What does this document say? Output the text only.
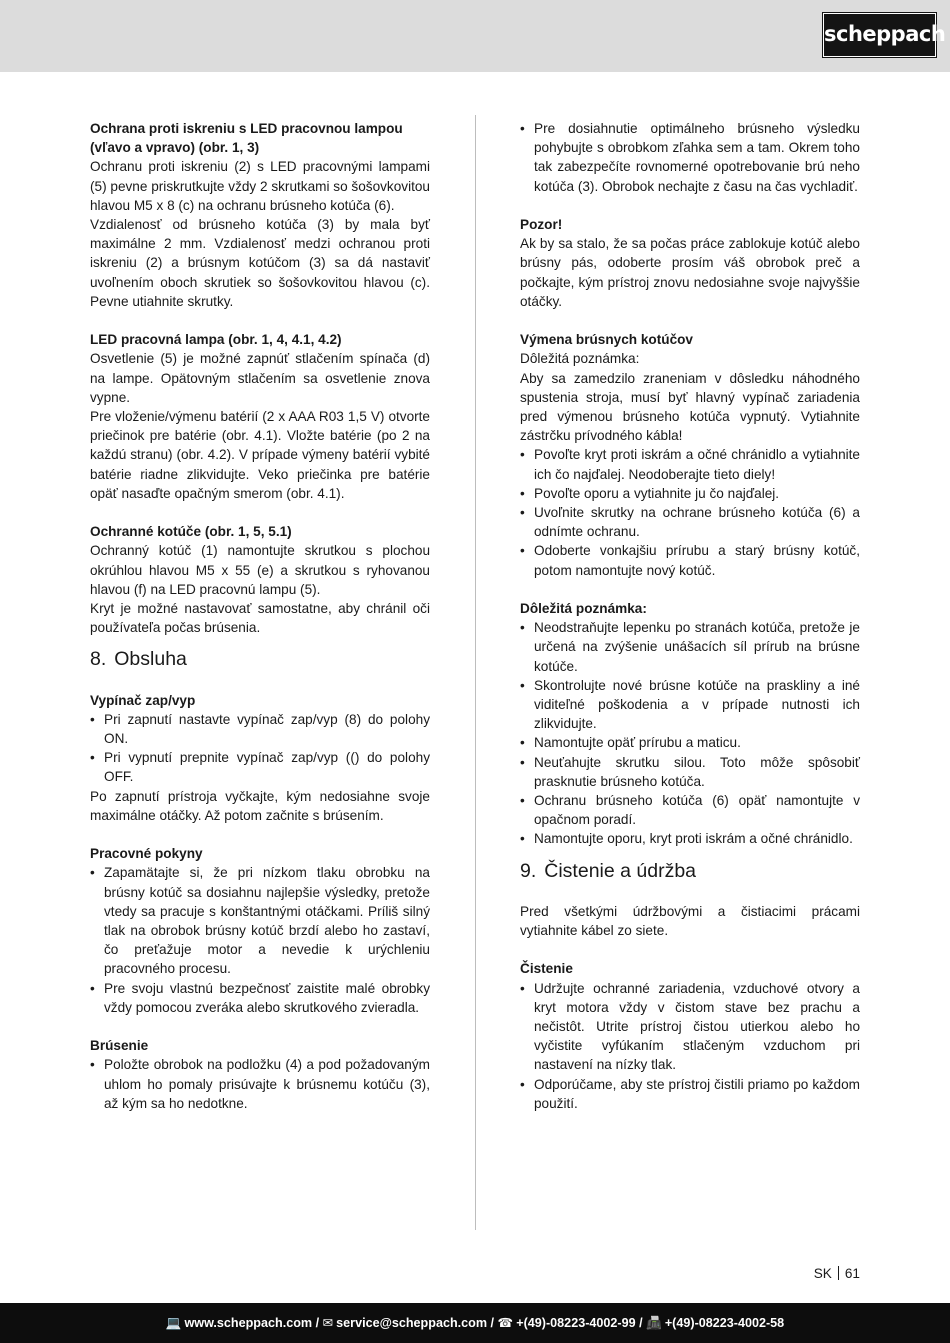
scheppach

Ochrana proti iskreniu s LED pracovnou lampou (vľavo a vpravo) (obr. 1, 3)

Ochranu proti iskreniu (2) s LED pracovnými lampami (5) pevne priskrutkujte vždy 2 skrutkami so šošovkovitou hlavou M5 x 8 (c) na ochranu brúsneho kotúča (6).

Vzdialenosť od brúsneho kotúča (3) by mala byť maximálne 2 mm. Vzdialenosť medzi ochranou proti iskreniu (2) a brúsnym kotúčom (3) sa dá nastaviť uvoľnením oboch skrutiek so šošovkovitou hlavou (c). Pevne utiahnite skrutky.

LED pracovná lampa (obr. 1, 4, 4.1, 4.2)

Osvetlenie (5) je možné zapnúť stlačením spínača (d) na lampe. Opätovným stlačením sa osvetlenie znova vypne.

Pre vloženie/výmenu batérií (2 x AAA R03 1,5 V) otvorte priečinok pre batérie (obr. 4.1). Vložte batérie (po 2 na každú stranu) (obr. 4.2). V prípade výmeny batérií vybité batérie riadne zlikvidujte. Veko priečinka pre batérie opäť nasaďte opačným smerom (obr. 4.1).

Ochranné kotúče (obr. 1, 5, 5.1)

Ochranný kotúč (1) namontujte skrutkou s plochou okrúhlou hlavou M5 x 55 (e) a skrutkou s ryhovanou hlavou (f) na LED pracovnú lampu (5).

Kryt je možné nastavovať samostatne, aby chránil oči používateľa počas brúsenia.

8. Obsluha

Vypínač zap/vyp

• Pri zapnutí nastavte vypínač zap/vyp (8) do polohy ON.
• Pri vypnutí prepnite vypínač zap/vyp (() do polohy OFF.

Po zapnutí prístroja vyčkajte, kým nedosiahne svoje maximálne otáčky. Až potom začnite s brúsením.

Pracovné pokyny

• Zapamätajte si, že pri nízkom tlaku obrobku na brúsny kotúč sa dosiahnu najlepšie výsledky, pretože vtedy sa pracuje s konštantnými otáčkami. Príliš silný tlak na obrobok brúsny kotúč brzdí alebo ho zastaví, čo preťažuje motor a nevedie k urýchleniu pracovného procesu.
• Pre svoju vlastnú bezpečnosť zaistite malé obrobky vždy pomocou zveráka alebo skrutkového zvieradla.

Brúsenie

• Položte obrobok na podložku (4) a pod požadovaným uhlom ho pomaly prisúvajte k brúsnemu kotúču (3), až kým sa ho nedotkne.
• Pre dosiahnutie optimálneho brúsneho výsledku pohybujte s obrobkom zľahka sem a tam. Okrem toho tak zabezpečíte rovnomerné opotrebovanie brú neho kotúča (3). Obrobok nechajte z času na čas vychladiť.

Pozor!

Ak by sa stalo, že sa počas práce zablokuje kotúč alebo brúsny pás, odoberte prosím váš obrobok preč a počkajte, kým prístroj znovu nedosiahne svoje najvyššie otáčky.

Výmena brúsnych kotúčov

Dôležitá poznámka:

Aby sa zamedzilo zraneniam v dôsledku náhodného spustenia stroja, musí byť hlavný vypínač zariadenia pred výmenou brúsneho kotúča vypnutý. Vytiahnite zástrčku prívodného kábla!

• Povoľte kryt proti iskrám a očné chránidlo a vytiahnite ich čo najďalej. Neodoberajte tieto diely!
• Povoľte oporu a vytiahnite ju čo najďalej.
• Uvoľnite skrutky na ochrane brúsneho kotúča (6) a odnímte ochranu.
• Odoberte vonkajšiu prírubu a starý brúsny kotúč, potom namontujte nový kotúč.

Dôležitá poznámka:

• Neodstraňujte lepenku po stranách kotúča, pretože je určená na zvýšenie unášacích síl prírub na brúsne kotúče.
• Skontrolujte nové brúsne kotúče na praskliny a iné viditeľné poškodenia a v prípade nutnosti ich zlikvidujte.
• Namontujte opäť prírubu a maticu.
• Neuťahujte skrutku silou. Toto môže spôsobiť prasknutie brúsneho kotúča.
• Ochranu brúsneho kotúča (6) opäť namontujte v opačnom poradí.
• Namontujte oporu, kryt proti iskrám a očné chránidlo.

9. Čistenie a údržba

Pred všetkými údržbovými a čistiacimi prácami vytiahnite kábel zo siete.

Čistenie

• Udržujte ochranné zariadenia, vzduchové otvory a kryt motora vždy v čistom stave bez prachu a nečistôt. Utrite prístroj čistou utierkou alebo ho vyčistite vyfúkaním stlačeným vzduchom pri nastavení na nízky tlak.
• Odporúčame, aby ste prístroj čistili priamo po každom použití.
SK 61
💻 www.scheppach.com / ✉ service@scheppach.com / ☎ +(49)-08223-4002-99 / 📠 +(49)-08223-4002-58
